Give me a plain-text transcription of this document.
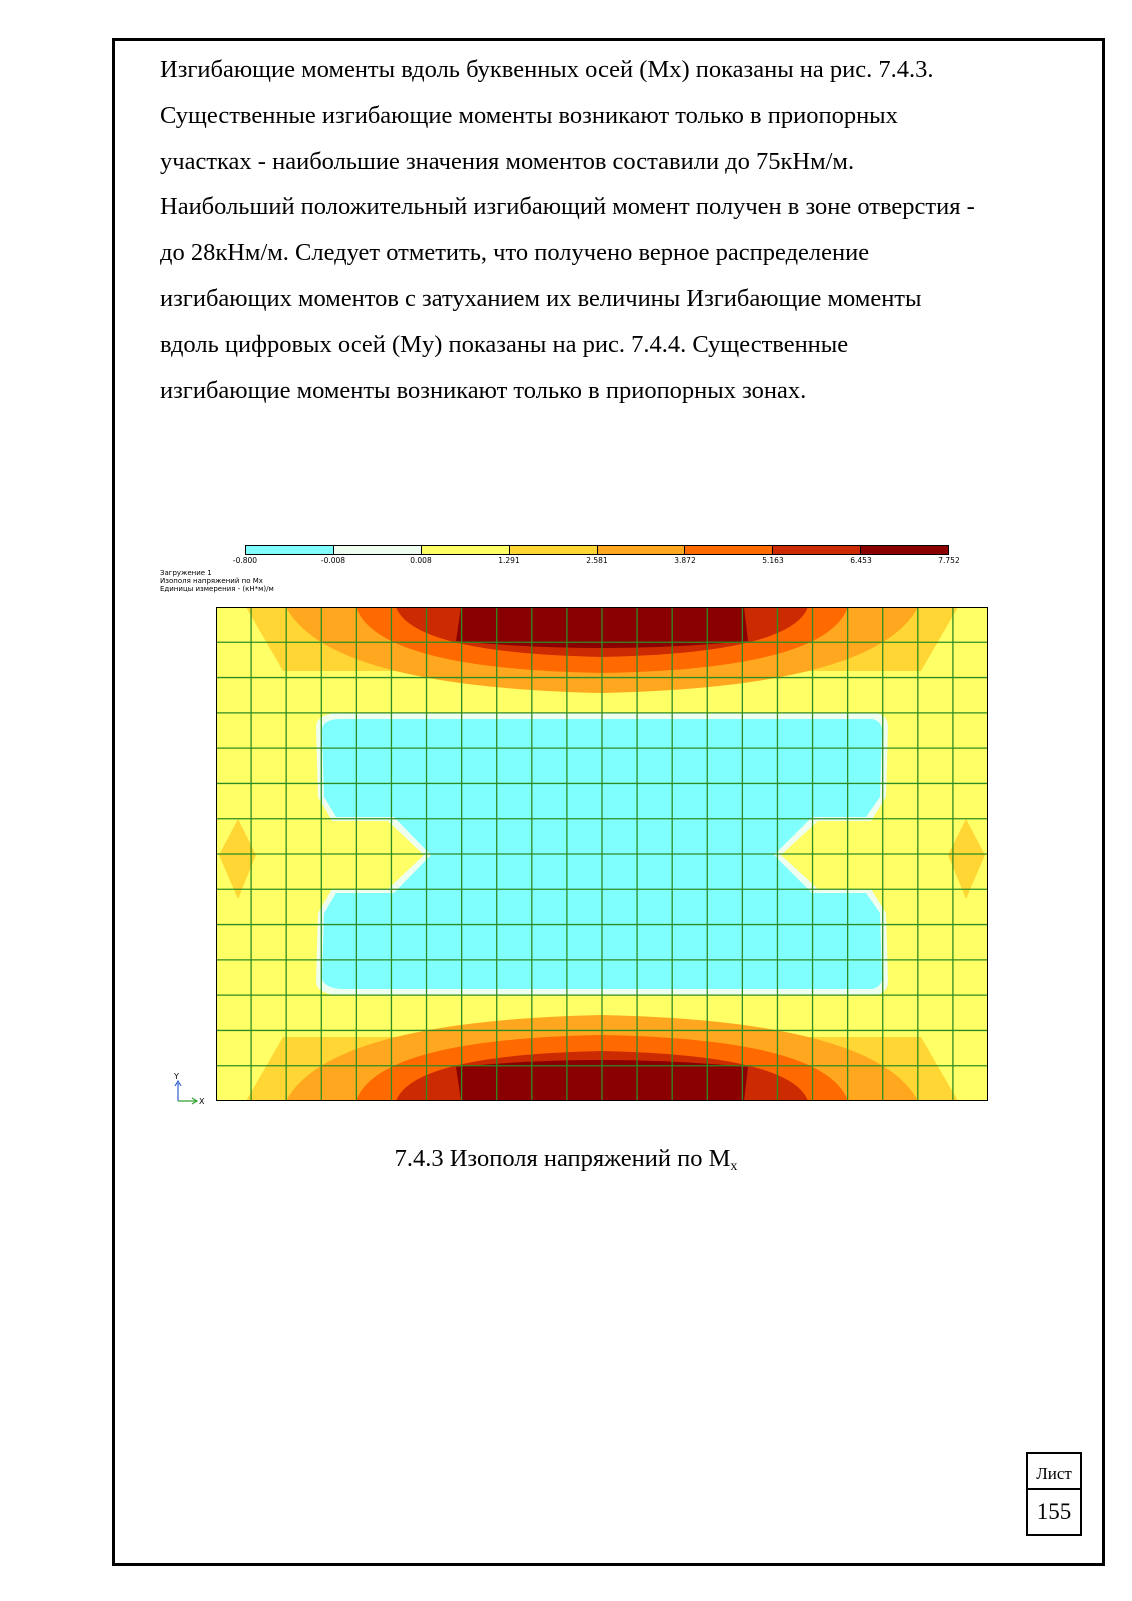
Изгибающие моменты вдоль буквенных осей (Mx) показаны на рис. 7.4.3.
Существенные изгибающие моменты возникают только в приопорных
участках - наибольшие значения моментов составили до 75кНм/м.
Наибольший положительный изгибающий момент получен в зоне отверстия -
до 28кНм/м. Следует отметить, что получено верное распределение
изгибающих моментов с затуханием их величины Изгибающие моменты
вдоль цифровых осей (My) показаны на рис. 7.4.4. Существенные
изгибающие моменты возникают только в приопорных зонах.
-0.800	-0.008	0.008	1.291	2.581	3.872	5.163	6.453	7.752
Загружение 1
Изополя напряжений по Mx
Единицы измерения - (кН*м)/м
Y
X
7.4.3 Изополя напряжений по $M_x$
Лист
155
